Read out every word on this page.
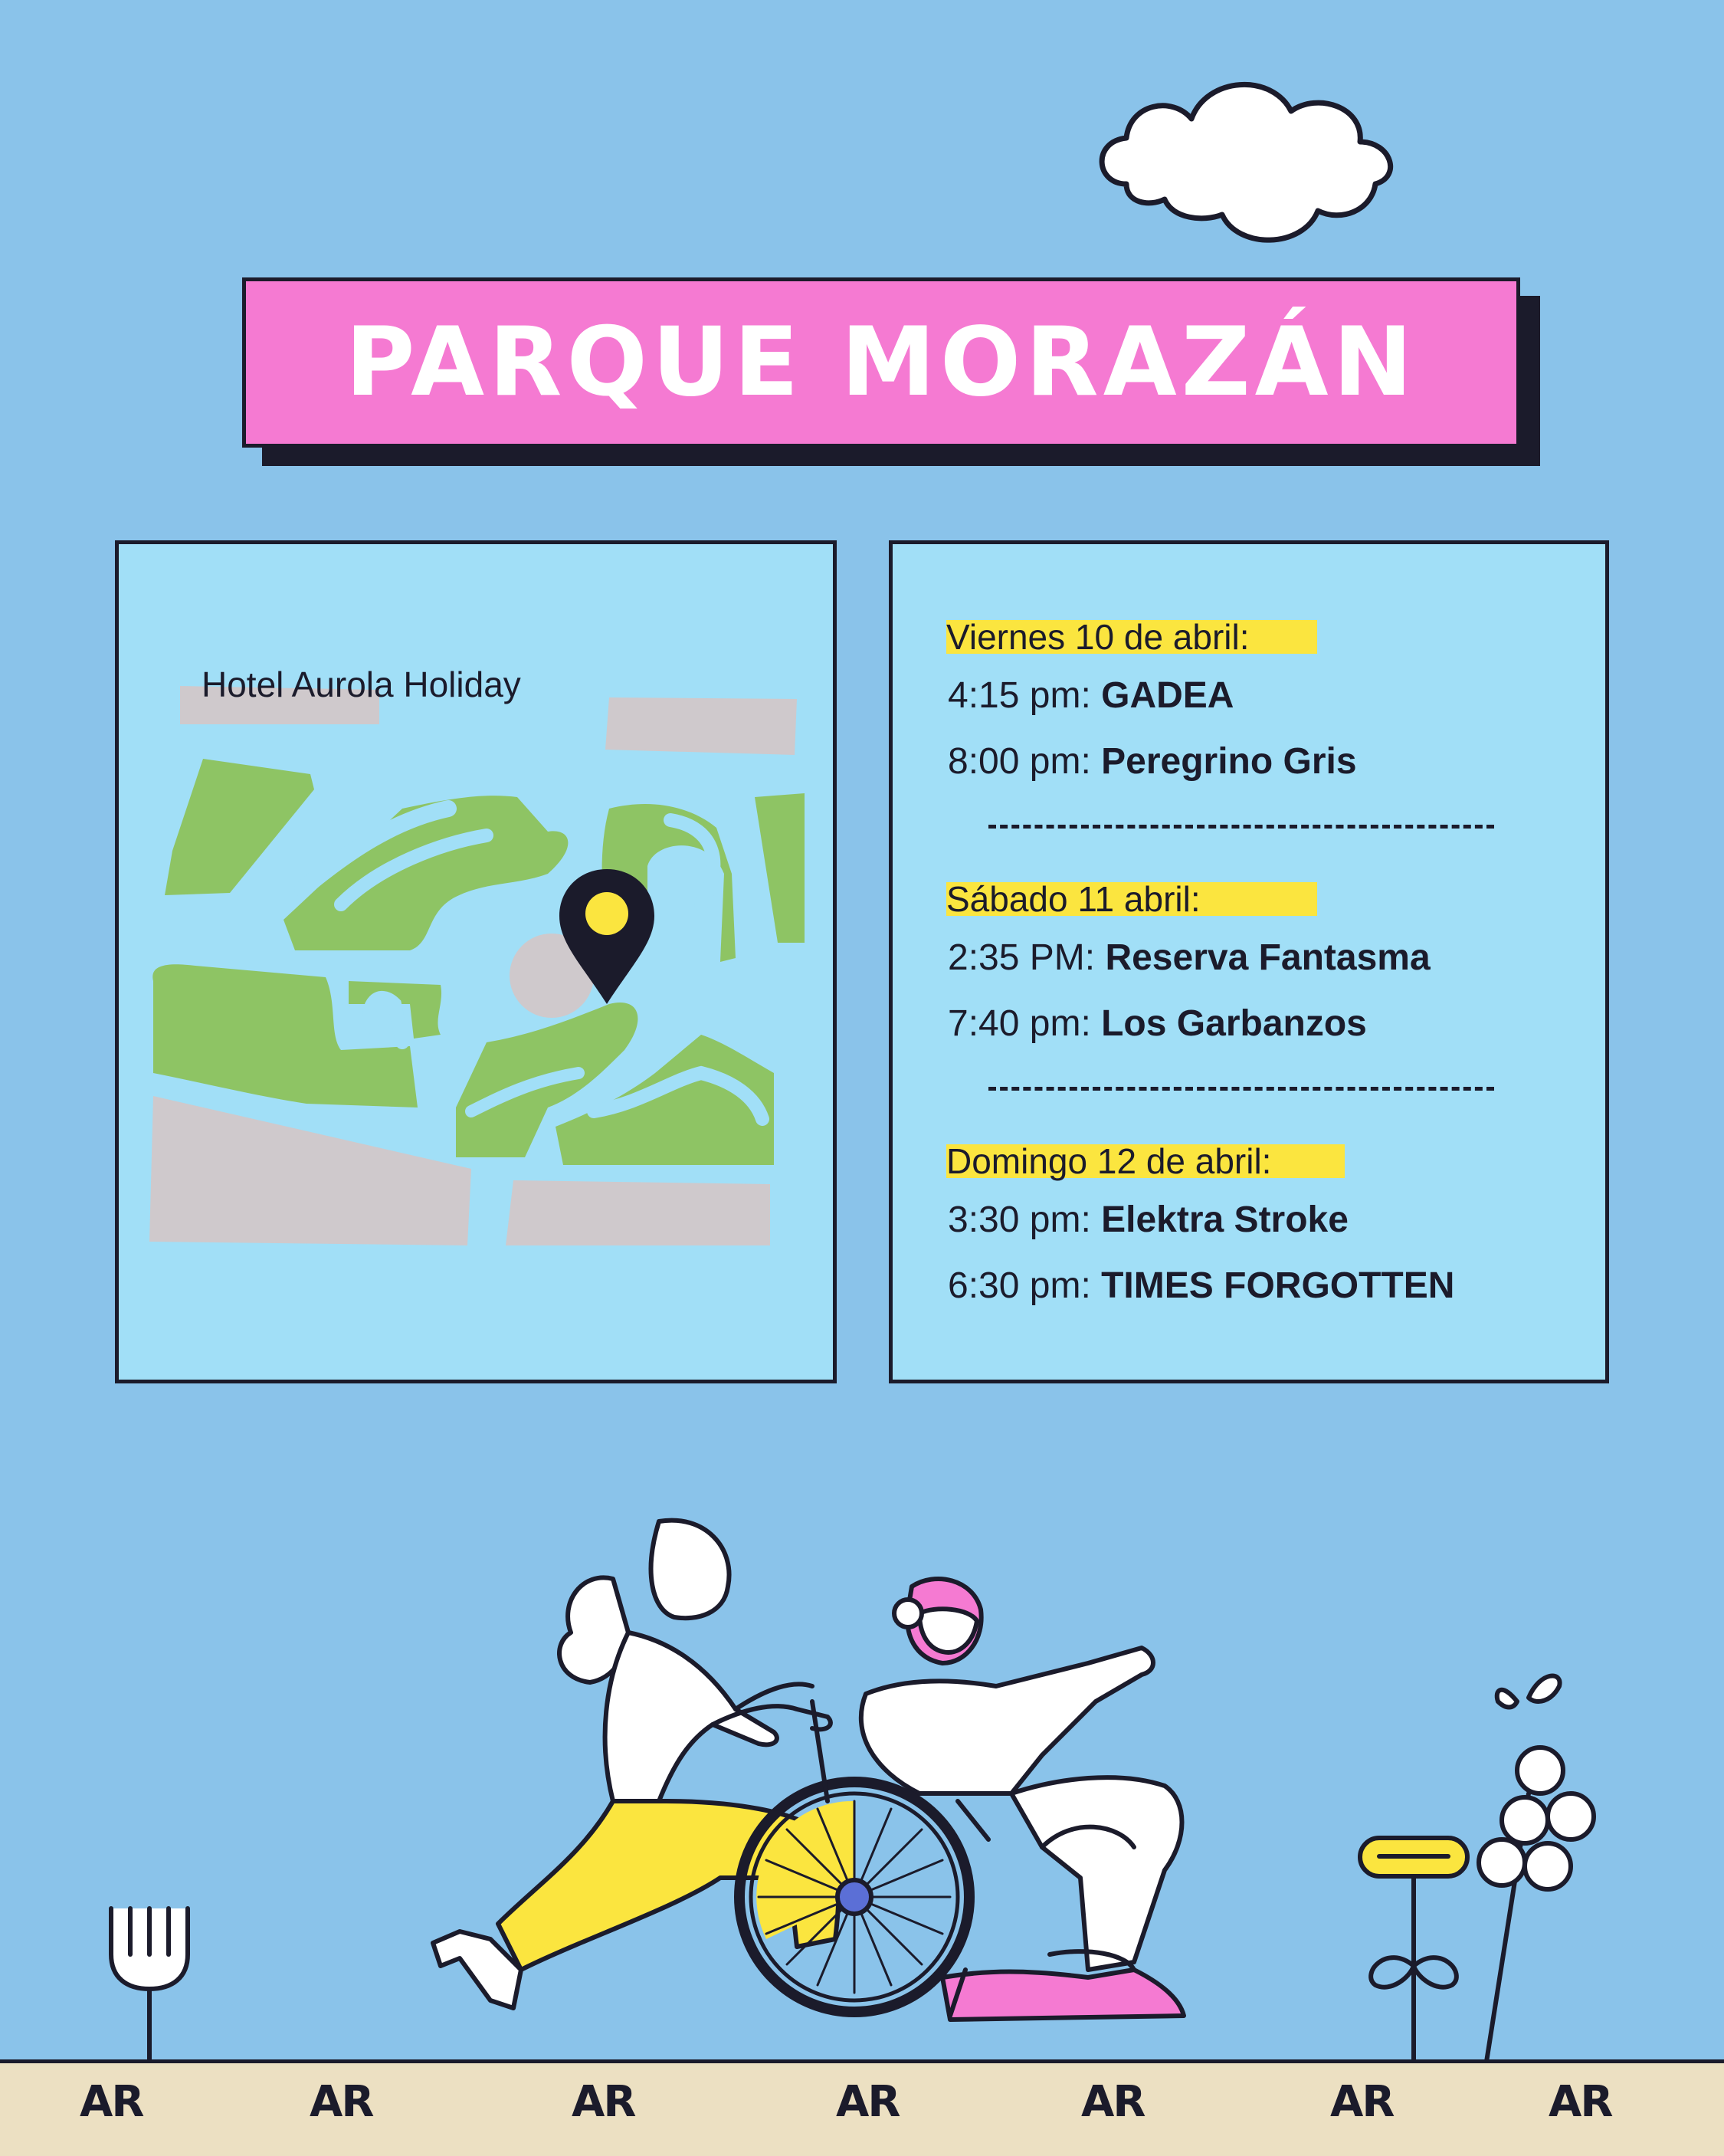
PARQUE MORAZÁN
Hotel Aurola Holiday
Viernes 10 de abril:
4:15 pm: GADEA
8:00 pm: Peregrino Gris
Sábado 11 abril:
2:35 PM: Reserva Fantasma
7:40 pm: Los Garbanzos
Domingo 12 de abril:
3:30 pm: Elektra Stroke
6:30 pm: TIMES FORGOTTEN
AR	AR	AR	AR	AR	AR	AR
